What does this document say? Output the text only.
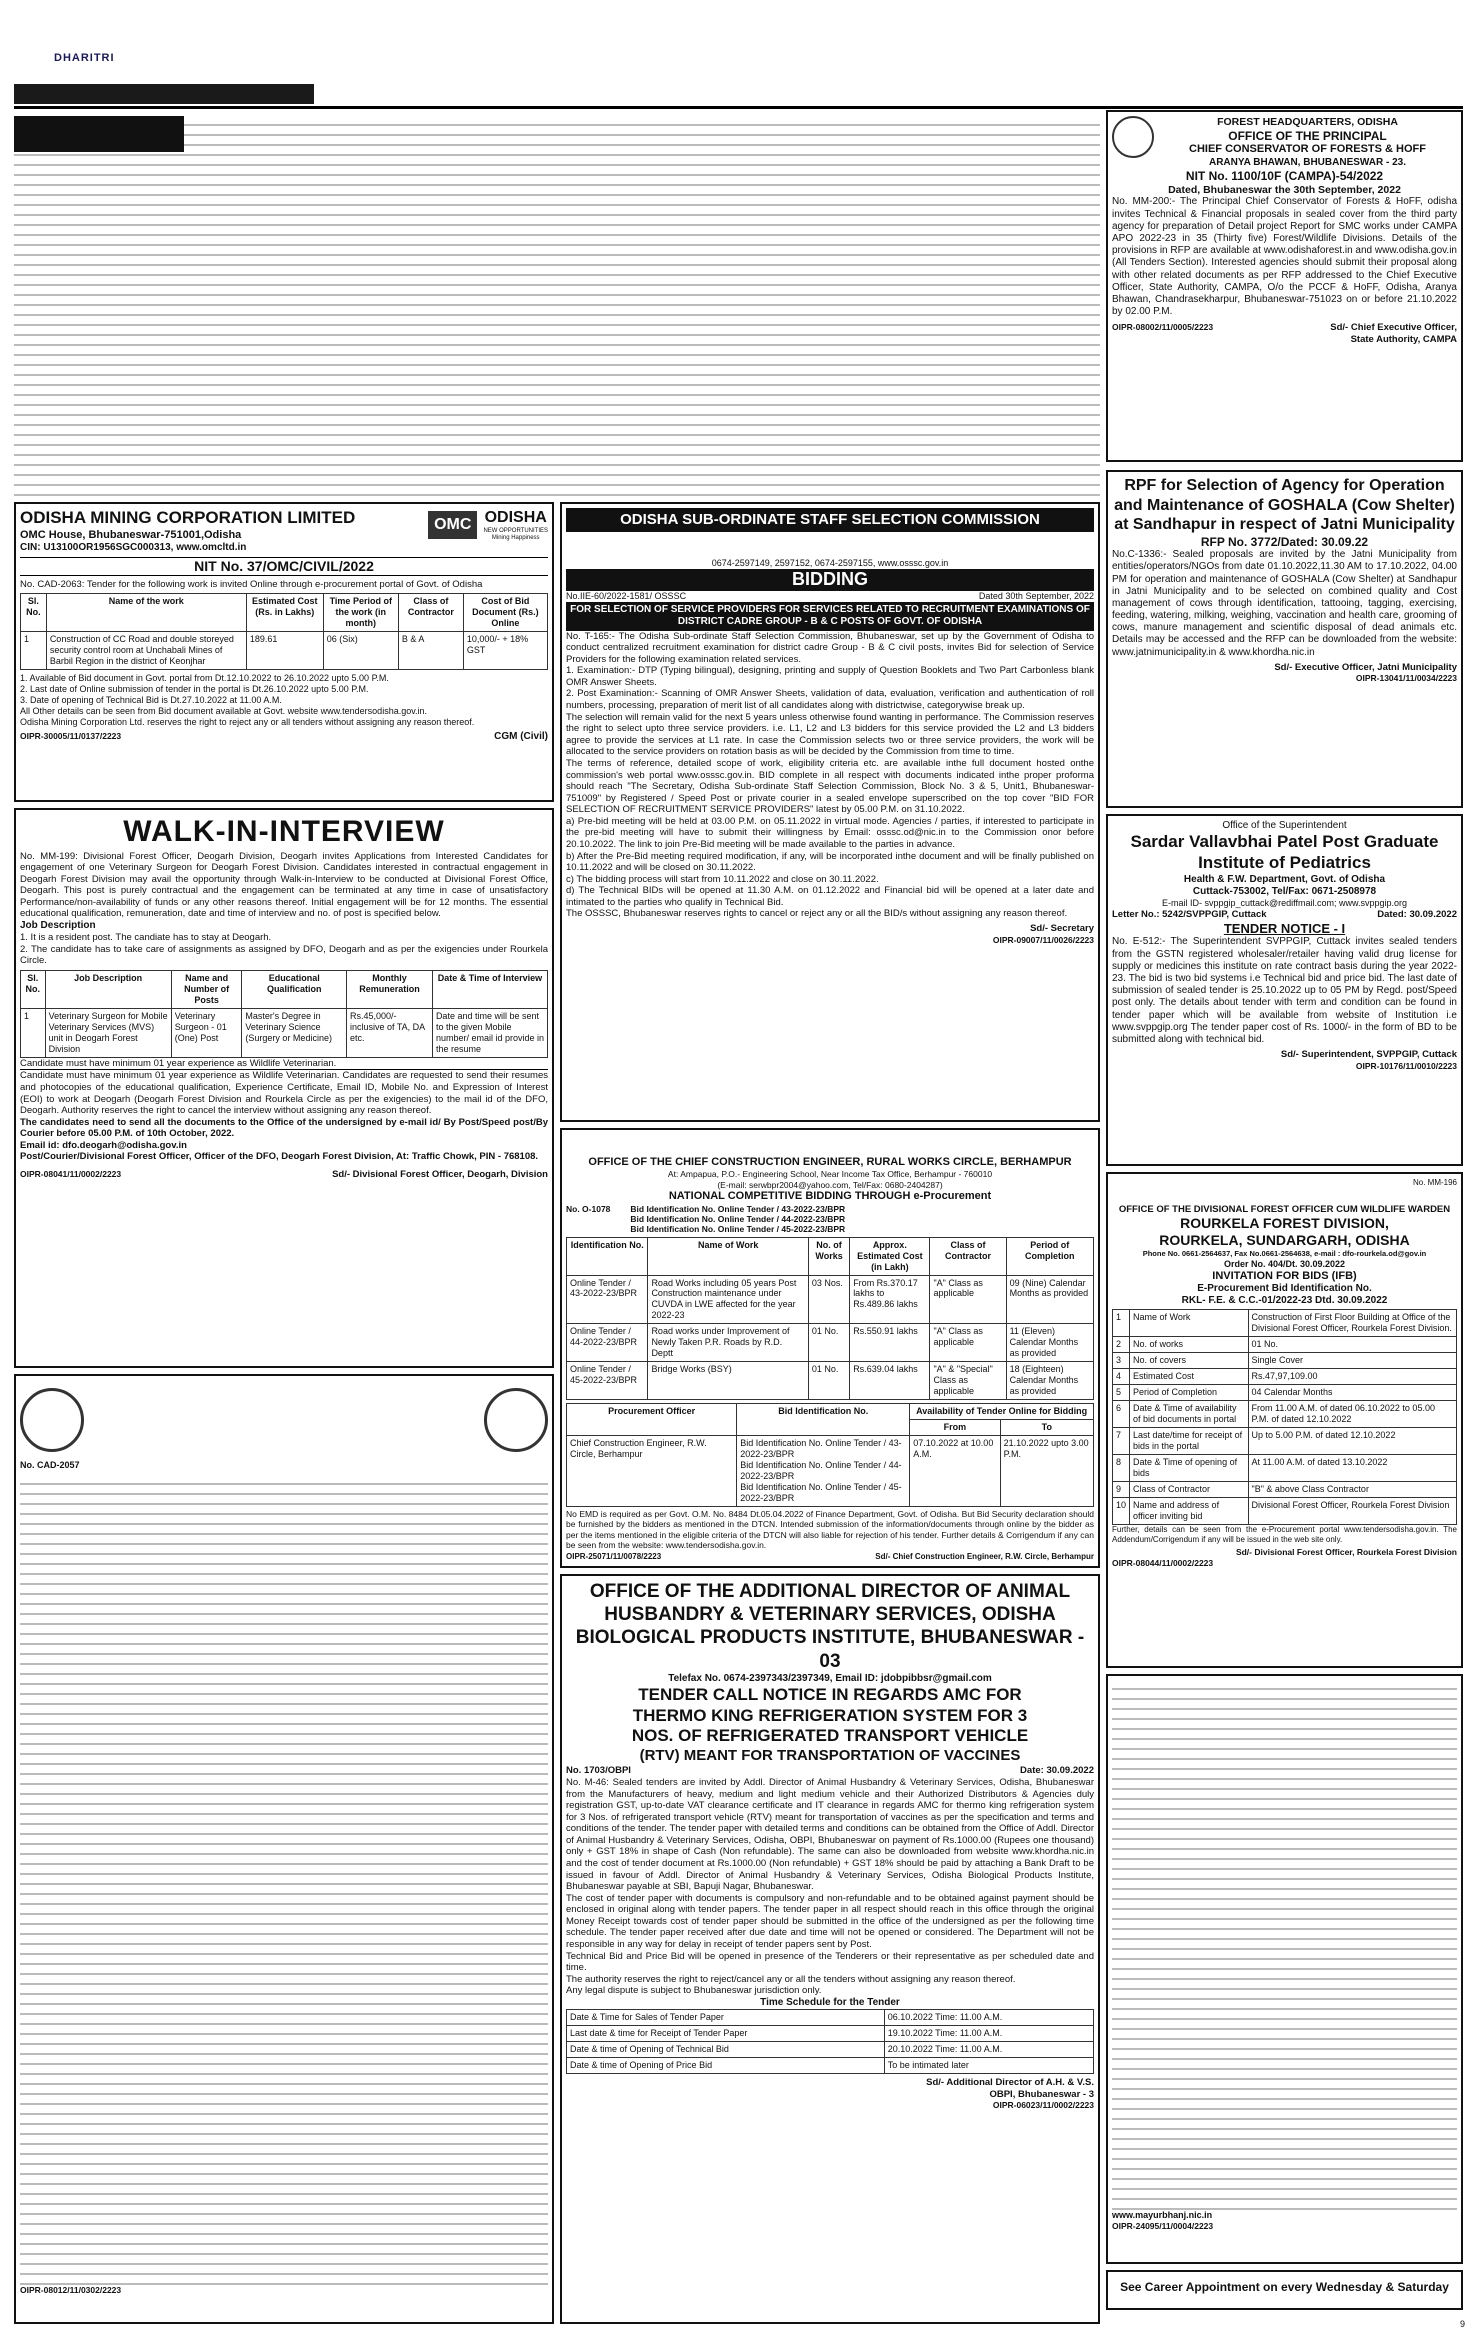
DHARITRI
ODISHA MINING CORPORATION LIMITED
OMC House, Bhubaneswar-751001,Odisha
CIN: U13100OR1956SGC000313, www.omcltd.in
OMC ODISHA
NEW OPPORTUNITIES
Mining Happiness
NIT No. 37/OMC/CIVIL/2022
No. CAD-2063: Tender for the following work is invited Online through e-procurement portal of Govt. of Odisha
Sl. No.	Name of the work	Estimated Cost (Rs. in Lakhs)	Time Period of the work (in month)	Class of Contractor	Cost of Bid Document (Rs.) Online
1	Construction of CC Road and double storeyed security control room at Unchabali Mines of Barbil Region in the district of Keonjhar	189.61	06 (Six)	B & A	10,000/- + 18% GST
1. Available of Bid document in Govt. portal from Dt.12.10.2022 to 26.10.2022 upto 5.00 P.M.
2. Last date of Online submission of tender in the portal is Dt.26.10.2022 upto 5.00 P.M.
3. Date of opening of Technical Bid is Dt.27.10.2022 at 11.00 A.M.
All Other details can be seen from Bid document available at Govt. website www.tendersodisha.gov.in.
Odisha Mining Corporation Ltd. reserves the right to reject any or all tenders without assigning any reason thereof.
OIPR-30005/11/0137/2223	CGM (Civil)
WALK-IN-INTERVIEW
No. MM-199: Divisional Forest Officer, Deogarh Division, Deogarh invites Applications from Interested Candidates for engagement of one Veterinary Surgeon for Deogarh Forest Division. Candidates interested in contractual engagement in Deogarh Forest Division may avail the opportunity through Walk-in-Interview to be conducted at Divisional Forest Office, Deogarh. This post is purely contractual and the engagement can be terminated at any time in case of unsatisfactory Performance/non-availability of funds or any other reasons thereof. Initial engagement will be for 12 months. The essential educational qualification, remuneration, date and time of interview and no. of post is specified below.
Job Description
1. It is a resident post. The candiate has to stay at Deogarh.
2. The candidate has to take care of assignments as assigned by DFO, Deogarh and as per the exigencies under Rourkela Circle.
Sl. No.	Job Description	Name and Number of Posts	Educational Qualification	Monthly Remuneration	Date & Time of Interview
1	Veterinary Surgeon for Mobile Veterinary Services (MVS) unit in Deogarh Forest Division	Veterinary Surgeon - 01 (One) Post	Master's Degree in Veterinary Science (Surgery or Medicine)	Rs.45,000/- inclusive of TA, DA etc.	Date and time will be sent to the given Mobile number/ email id provide in the resume
Candidate must have minimum 01 year experience as Wildlife Veterinarian.
Candidate must have minimum 01 year experience as Wildlife Veterinarian. Candidates are requested to send their resumes and photocopies of the educational qualification, Experience Certificate, Email ID, Mobile No. and Expression of Interest (EOI) to work at Deogarh (Deogarh Forest Division and Rourkela Circle as per the exigencies) to the mail id of the DFO, Deogarh. Authority reserves the right to cancel the interview without assigning any reason thereof.
The candidates need to send all the documents to the Office of the undersigned by e-mail id/ By Post/Speed post/By Courier before 05.00 P.M. of 10th October, 2022.
Email id: dfo.deogarh@odisha.gov.in
Post/Courier/Divisional Forest Officer, Officer of the DFO, Deogarh Forest Division, At: Traffic Chowk, PIN - 768108.
OIPR-08041/11/0002/2223	Sd/- Divisional Forest Officer, Deogarh, Division
No. CAD-2057
OIPR-08012/11/0302/2223
ODISHA SUB-ORDINATE STAFF SELECTION COMMISSION
0674-2597149, 2597152, 0674-2597155, www.osssc.gov.in
BIDDING
No.IIE-60/2022-1581/ OSSSC	Dated 30th September, 2022
FOR SELECTION OF SERVICE PROVIDERS FOR SERVICES RELATED TO RECRUITMENT EXAMINATIONS OF DISTRICT CADRE GROUP - B & C POSTS OF GOVT. OF ODISHA
No. T-165:- The Odisha Sub-ordinate Staff Selection Commission, Bhubaneswar, set up by the Government of Odisha to conduct centralized recruitment examination for district cadre Group - B & C civil posts, invites Bid for selection of Service Providers for the following examination related services.
1. Examination:- DTP (Typing bilingual), designing, printing and supply of Question Booklets and Two Part Carbonless blank OMR Answer Sheets.
2. Post Examination:- Scanning of OMR Answer Sheets, validation of data, evaluation, verification and authentication of roll numbers, processing, preparation of merit list of all candidates along with districtwise, categorywise break up.
The selection will remain valid for the next 5 years unless otherwise found wanting in performance. The Commission reserves the right to select upto three service providers. i.e. L1, L2 and L3 bidders for this service provided the L2 and L3 bidders agree to provide the services at L1 rate. In case the Commission selects two or three service providers, the work will be allocated to the service providers on rotation basis as will be decided by the Commission from time to time.
The terms of reference, detailed scope of work, eligibility criteria etc. are available inthe full document hosted onthe commission's web portal www.osssc.gov.in. BID complete in all respect with documents indicated inthe proper proforma should reach "The Secretary, Odisha Sub-ordinate Staff Selection Commission, Block No. 3 & 5, Unit1, Bhubaneswar-751009" by Registered / Speed Post or private courier in a sealed envelope superscribed on the top cover "BID FOR SELECTION OF RECRUITMENT SERVICE PROVIDERS" latest by 05.00 P.M. on 31.10.2022.
a) Pre-bid meeting will be held at 03.00 P.M. on 05.11.2022 in virtual mode. Agencies / parties, if interested to participate in the pre-bid meeting will have to submit their willingness by Email: osssc.od@nic.in to the Commission onor before 20.10.2022. The link to join Pre-Bid meeting will be made available to the parties in advance.
b) After the Pre-Bid meeting required modification, if any, will be incorporated inthe document and will be finally published on 10.11.2022 and will be closed on 30.11.2022.
c) The bidding process will start from 10.11.2022 and close on 30.11.2022.
d) The Technical BIDs will be opened at 11.30 A.M. on 01.12.2022 and Financial bid will be opened at a later date and intimated to the parties who qualify in Technical Bid.
The OSSSC, Bhubaneswar reserves rights to cancel or reject any or all the BID/s without assigning any reason thereof.
Sd/- Secretary
OIPR-09007/11/0026/2223
OFFICE OF THE CHIEF CONSTRUCTION ENGINEER, RURAL WORKS CIRCLE, BERHAMPUR
At: Ampapua, P.O.- Engineering School, Near Income Tax Office, Berhampur - 760010
(E-mail: serwbpr2004@yahoo.com, Tel/Fax: 0680-2404287)
NATIONAL COMPETITIVE BIDDING THROUGH e-Procurement
No. O-1078 Bid Identification No. Online Tender / 43-2022-23/BPR
Bid Identification No. Online Tender / 44-2022-23/BPR
Bid Identification No. Online Tender / 45-2022-23/BPR
Identification No.	Name of Work	No. of Works	Approx. Estimated Cost (in Lakh)	Class of Contractor	Period of Completion
Online Tender / 43-2022-23/BPR	Road Works including 05 years Post Construction maintenance under CUVDA in LWE affected for the year 2022-23	03 Nos.	From Rs.370.17 lakhs to Rs.489.86 lakhs	"A" Class as applicable	09 (Nine) Calendar Months as provided
Online Tender / 44-2022-23/BPR	Road works under Improvement of Newly Taken P.R. Roads by R.D. Deptt	01 No.	Rs.550.91 lakhs	"A" Class as applicable	11 (Eleven) Calendar Months as provided
Online Tender / 45-2022-23/BPR	Bridge Works (BSY)	01 No.	Rs.639.04 lakhs	"A" & "Special" Class as applicable	18 (Eighteen) Calendar Months as provided
Procurement Officer	Bid Identification No.	Availability of Tender Online for Bidding	
		From	To
Chief Construction Engineer, R.W. Circle, Berhampur	Bid Identification No. Online Tender / 43-2022-23/BPR
Bid Identification No. Online Tender / 44-2022-23/BPR
Bid Identification No. Online Tender / 45-2022-23/BPR	07.10.2022 at 10.00 A.M.	21.10.2022 upto 3.00 P.M.
No EMD is required as per Govt. O.M. No. 8484 Dt.05.04.2022 of Finance Department, Govt. of Odisha. But Bid Security declaration should be furnished by the bidders as mentioned in the DTCN. Intended submission of the information/documents through online by the bidder as per the items mentioned in the eligible criteria of the DTCN will also liable for rejection of his tender. Further details & Corrigendum if any can be seen from the website: www.tendersodisha.gov.in.
OIPR-25071/11/0078/2223	Sd/- Chief Construction Engineer, R.W. Circle, Berhampur
OFFICE OF THE ADDITIONAL DIRECTOR OF ANIMAL
HUSBANDRY & VETERINARY SERVICES, ODISHA
BIOLOGICAL PRODUCTS INSTITUTE, BHUBANESWAR - 03
Telefax No. 0674-2397343/2397349, Email ID: jdobpibbsr@gmail.com
TENDER CALL NOTICE IN REGARDS AMC FOR
THERMO KING REFRIGERATION SYSTEM FOR 3
NOS. OF REFRIGERATED TRANSPORT VEHICLE
(RTV) MEANT FOR TRANSPORTATION OF VACCINES
No. 1703/OBPI	Date: 30.09.2022
No. M-46: Sealed tenders are invited by Addl. Director of Animal Husbandry & Veterinary Services, Odisha, Bhubaneswar from the Manufacturers of heavy, medium and light medium vehicle and their Authorized Distributors & Agencies duly registration GST, up-to-date VAT clearance certificate and IT clearance in regards AMC for thermo king refrigeration system for 3 Nos. of refrigerated transport vehicle (RTV) meant for transportation of vaccines as per the specification and terms and conditions of the tender. The tender paper with detailed terms and conditions can be obtained from the Office of Addl. Director of Animal Husbandry & Veterinary Services, Odisha, OBPI, Bhubaneswar on payment of Rs.1000.00 (Rupees one thousand) only + GST 18% in shape of Cash (Non refundable). The same can also be downloaded from website www.khordha.nic.in and the cost of tender document at Rs.1000.00 (Non refundable) + GST 18% should be paid by attaching a Bank Draft to be issued in favour of Addl. Director of Animal Husbandry & Veterinary Services, Odisha Biological Products Institute, Bhubaneswar payable at SBI, Bapuji Nagar, Bhubaneswar.
The cost of tender paper with documents is compulsory and non-refundable and to be obtained against payment should be enclosed in original along with tender papers. The tender paper in all respect should reach in this office through the original Money Receipt towards cost of tender paper should be submitted in the office of the undersigned as per the following time schedule. The tender paper received after due date and time will not be opened or considered. The Department will not be responsible in any way for delay in receipt of tender papers sent by Post.
Technical Bid and Price Bid will be opened in presence of the Tenderers or their representative as per scheduled date and time.
The authority reserves the right to reject/cancel any or all the tenders without assigning any reason thereof.
Any legal dispute is subject to Bhubaneswar jurisdiction only.
Time Schedule for the Tender
Date & Time for Sales of Tender Paper	06.10.2022 Time: 11.00 A.M.
Last date & time for Receipt of Tender Paper	19.10.2022 Time: 11.00 A.M.
Date & time of Opening of Technical Bid	20.10.2022 Time: 11.00 A.M.
Date & time of Opening of Price Bid	To be intimated later
Sd/- Additional Director of A.H. & V.S.
OBPI, Bhubaneswar - 3
OIPR-06023/11/0002/2223
FOREST HEADQUARTERS, ODISHA
OFFICE OF THE PRINCIPAL
CHIEF CONSERVATOR OF FORESTS & HOFF
ARANYA BHAWAN, BHUBANESWAR - 23.
NIT No. 1100/10F (CAMPA)-54/2022
Dated, Bhubaneswar the 30th September, 2022
No. MM-200:- The Principal Chief Conservator of Forests & HoFF, odisha invites Technical & Financial proposals in sealed cover from the third party agency for preparation of Detail project Report for SMC works under CAMPA APO 2022-23 in 35 (Thirty five) Forest/Wildlife Divisions. Details of the provisions in RFP are available at www.odishaforest.in and www.odisha.gov.in (All Tenders Section). Interested agencies should submit their proposal along with other related documents as per RFP addressed to the Chief Executive Officer, State Authority, CAMPA, O/o the PCCF & HoFF, Odisha, Aranya Bhawan, Chandrasekharpur, Bhubaneswar-751023 on or before 21.10.2022 by 02.00 P.M.
OIPR-08002/11/0005/2223	Sd/- Chief Executive Officer,
State Authority, CAMPA
RPF for Selection of Agency for Operation and Maintenance of GOSHALA (Cow Shelter) at Sandhapur in respect of Jatni Municipality
RFP No. 3772/Dated: 30.09.22
No.C-1336:- Sealed proposals are invited by the Jatni Municipality from entities/operators/NGOs from date 01.10.2022,11.30 AM to 17.10.2022, 04.00 PM for operation and maintenance of GOSHALA (Cow Shelter) at Sandhapur in Jatni Municipality and to be selected on combined quality and Cost management of cows through identification, tattooing, tagging, exercising, feeding, watering, milking, weighing, vaccination and health care, grooming of cows, manure management and scientific disposal of dead animals etc. Details may be accessed and the RFP can be downloaded from the website: www.jatnimunicipality.in & www.khordha.nic.in
Sd/- Executive Officer, Jatni Municipality
OIPR-13041/11/0034/2223
Office of the Superintendent
Sardar Vallavbhai Patel Post Graduate Institute of Pediatrics
Health & F.W. Department, Govt. of Odisha
Cuttack-753002, Tel/Fax: 0671-2508978
E-mail ID- svppgip_cuttack@rediffmail.com; www.svppgip.org
Letter No.: 5242/SVPPGIP, Cuttack	Dated: 30.09.2022
TENDER NOTICE - I
No. E-512:- The Superintendent SVPPGIP, Cuttack invites sealed tenders from the GSTN registered wholesaler/retailer having valid drug license for supply or medicines this institute on rate contract basis during the year 2022-23. The bid is two bid systems i.e Technical bid and price bid. The last date of submission of sealed tender is 25.10.2022 up to 05 PM by Regd. post/Speed post only. The details about tender with term and condition can be found in tender paper which will be available from website of Institution i.e www.svppgip.org The tender paper cost of Rs. 1000/- in the form of BD to be submitted along with technical bid.
Sd/- Superintendent, SVPPGIP, Cuttack
OIPR-10176/11/0010/2223
No. MM-196
OFFICE OF THE DIVISIONAL FOREST OFFICER CUM WILDLIFE WARDEN
ROURKELA FOREST DIVISION,
ROURKELA, SUNDARGARH, ODISHA
Phone No. 0661-2564637, Fax No.0661-2564638, e-mail : dfo-rourkela.od@gov.in
Order No. 404/Dt. 30.09.2022
INVITATION FOR BIDS (IFB)
E-Procurement Bid Identification No.
RKL- F.E. & C.C.-01/2022-23 Dtd. 30.09.2022
1	Name of Work	Construction of First Floor Building at Office of the Divisional Forest Officer, Rourkela Forest Division.
2	No. of works	01 No.
3	No. of covers	Single Cover
4	Estimated Cost	Rs.47,97,109.00
5	Period of Completion	04 Calendar Months
6	Date & Time of availability of bid documents in portal	From 11.00 A.M. of dated 06.10.2022 to 05.00 P.M. of dated 12.10.2022
7	Last date/time for receipt of bids in the portal	Up to 5.00 P.M. of dated 12.10.2022
8	Date & Time of opening of bids	At 11.00 A.M. of dated 13.10.2022
9	Class of Contractor	"B" & above Class Contractor
10	Name and address of officer inviting bid	Divisional Forest Officer, Rourkela Forest Division
Further, details can be seen from the e-Procurement portal www.tendersodisha.gov.in. The Addendum/Corrigendum if any will be issued in the web site only.
Sd/- Divisional Forest Officer, Rourkela Forest Division
OIPR-08044/11/0002/2223
www.mayurbhanj.nic.in
OIPR-24095/11/0004/2223
See Career Appointment on every Wednesday & Saturday
9
